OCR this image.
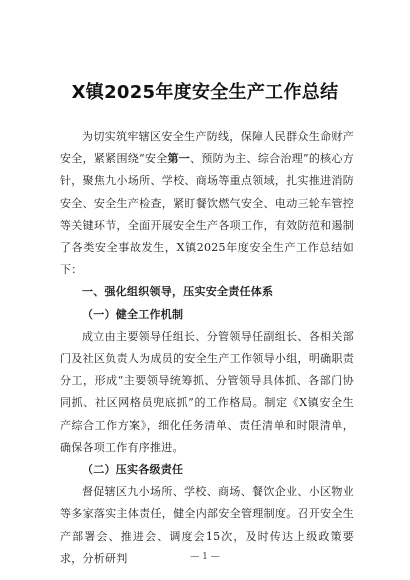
X镇2025年度安全生产工作总结

为切实筑牢辖区安全生产防线，保障人民群众生命财产安全，紧紧围绕“安全第一、预防为主、综合治理”的核心方针，聚焦九小场所、学校、商场等重点领域，扎实推进消防安全、安全生产检查，紧盯餐饮燃气安全、电动三轮车管控等关键环节，全面开展安全生产各项工作，有效防范和遏制了各类安全事故发生，X镇2025年度安全生产工作总结如下：

一、强化组织领导，压实安全责任体系

（一）健全工作机制

成立由主要领导任组长、分管领导任副组长、各相关部门及社区负责人为成员的安全生产工作领导小组，明确职责分工，形成“主要领导统筹抓、分管领导具体抓、各部门协同抓、社区网格员兜底抓”的工作格局。制定《X镇安全生产综合工作方案》，细化任务清单、责任清单和时限清单，确保各项工作有序推进。

（二）压实各级责任

督促辖区九小场所、学校、商场、餐饮企业、小区物业等多家落实主体责任，健全内部安全管理制度。召开安全生产部署会、推进会、调度会15次，及时传达上级政策要求，分析研判	— 1 —
